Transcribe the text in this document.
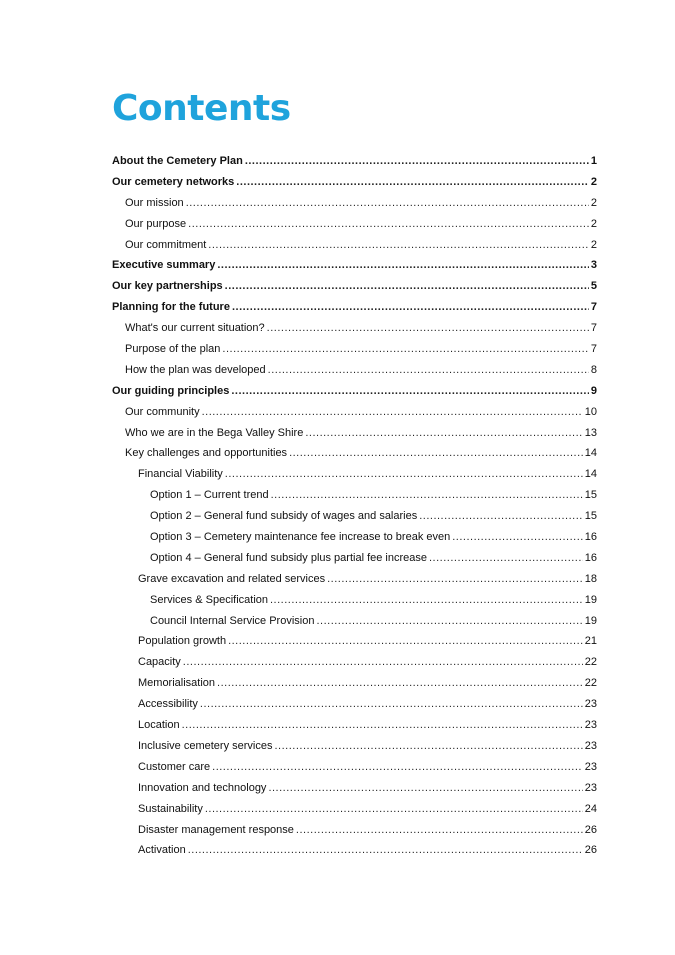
Contents
About the Cemetery Plan .....	1
Our cemetery networks .....	2
Our mission .....	2
Our purpose .....	2
Our commitment .....	2
Executive summary .....	3
Our key partnerships .....	5
Planning for the future .....	7
What's our current situation? .....	7
Purpose of the plan .....	7
How the plan was developed .....	8
Our guiding principles .....	9
Our community .....	10
Who we are in the Bega Valley Shire .....	13
Key challenges and opportunities .....	14
Financial Viability .....	14
Option 1 – Current trend .....	15
Option 2 – General fund subsidy of wages and salaries .....	15
Option 3 – Cemetery maintenance fee increase to break even .....	16
Option 4 – General fund subsidy plus partial fee increase .....	16
Grave excavation and related services .....	18
Services & Specification .....	19
Council Internal Service Provision .....	19
Population growth .....	21
Capacity .....	22
Memorialisation .....	22
Accessibility .....	23
Location .....	23
Inclusive cemetery services .....	23
Customer care .....	23
Innovation and technology .....	23
Sustainability .....	24
Disaster management response .....	26
Activation .....	26
